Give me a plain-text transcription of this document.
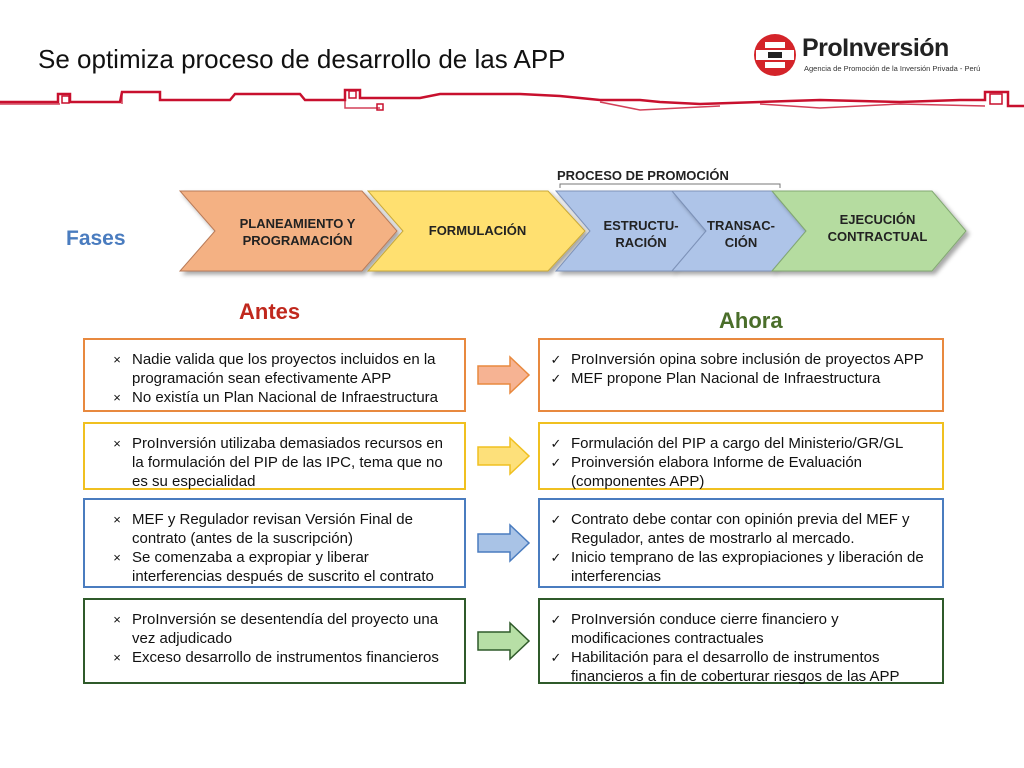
Se optimiza proceso de desarrollo de las APP	ProInversión
Agencia de Promoción de la Inversión Privada - Perú
Fases
PROCESO DE PROMOCIÓN
PLANEAMIENTO Y
PROGRAMACIÓN
FORMULACIÓN	ESTRUCTU-
RACIÓN
TRANSAC-
CIÓN
EJECUCIÓN
CONTRACTUAL
Antes	Ahora
× Nadie valida que los proyectos incluidos en la programación sean efectivamente APP
× No existía un Plan Nacional de Infraestructura
✓ ProInversión opina sobre inclusión de proyectos APP
✓ MEF propone Plan Nacional de Infraestructura
× ProInversión utilizaba demasiados recursos en la formulación del PIP de las IPC, tema que no es su especialidad
✓ Formulación del PIP a cargo del Ministerio/GR/GL
✓ Proinversión elabora Informe de Evaluación (componentes APP)
× MEF y Regulador revisan Versión Final de contrato (antes de la suscripción)
× Se comenzaba a expropiar y liberar interferencias después de suscrito el contrato
✓ Contrato debe contar con opinión previa del MEF y Regulador, antes de mostrarlo al mercado.
✓ Inicio temprano de las expropiaciones y liberación de interferencias
× ProInversión se desentendía del proyecto una vez adjudicado
× Exceso desarrollo de instrumentos financieros
✓ ProInversión conduce cierre financiero y modificaciones contractuales
✓ Habilitación para el desarrollo de instrumentos financieros a fin de coberturar riesgos de las APP
